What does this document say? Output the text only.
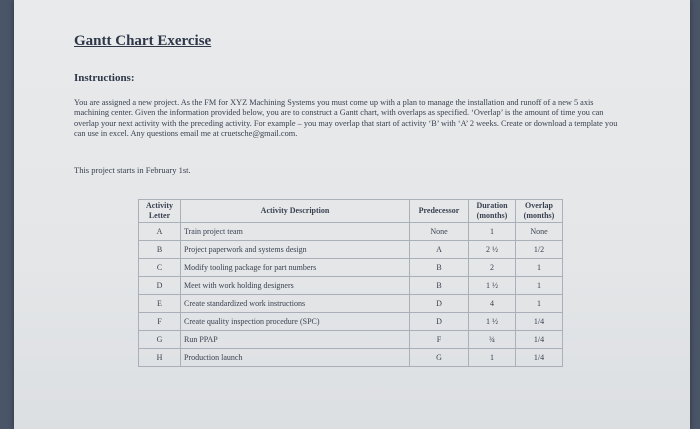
Gantt Chart Exercise
Instructions:
You are assigned a new project. As the FM for XYZ Machining Systems you must come up with a plan to manage the installation and runoff of a new 5 axis machining center. Given the information provided below, you are to construct a Gantt chart, with overlaps as specified. ‘Overlap’ is the amount of time you can overlap your next activity with the preceding activity. For example – you may overlap that start of activity ‘B’ with ‘A’ 2 weeks. Create or download a template you can use in excel. Any questions email me at cruetsche@gmail.com.
This project starts in February 1st.
Activity Letter	Activity Description	Predecessor	Duration (months)	Overlap (months)
A	Train project team	None	1	None
B	Project paperwork and systems design	A	2 ½	1/2
C	Modify tooling package for part numbers	B	2	1
D	Meet with work holding designers	B	1 ½	1
E	Create standardized work instructions	D	4	1
F	Create quality inspection procedure (SPC)	D	1 ½	1/4
G	Run PPAP	F	¾	1/4
H	Production launch	G	1	1/4
